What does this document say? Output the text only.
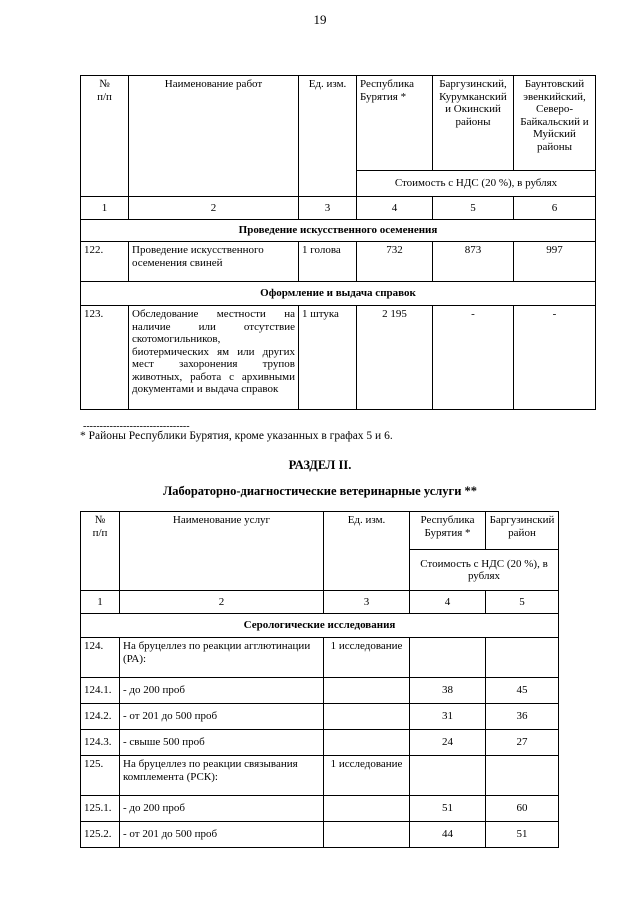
19
№
п/п	Наименование работ	Ед. изм.	Республика Бурятия *	Баргузинский, Курумканский и Окинский районы	Баунтовский эвенкийский, Северо-Байкальский и Муйский районы
			Стоимость с НДС (20 %), в рублях		
1	2	3	4	5	6
Проведение искусственного осеменения					
122.	Проведение искусственного осеменения свиней	1 голова	732	873	997
Оформление и выдача справок					
123.	Обследование местности на наличие или отсутствие скотомогильников, биотермических ям или других мест захоронения трупов животных, работа с архивными документами и выдача справок	1 штука	2 195	-	-
--------------------------------
* Районы Республики Бурятия, кроме указанных в графах 5 и 6.
РАЗДЕЛ II.
Лабораторно-диагностические ветеринарные услуги **
№
п/п	Наименование услуг	Ед. изм.	Республика Бурятия *	Баргузинский район
			Стоимость с НДС (20 %), в рублях	
1	2	3	4	5
Серологические исследования				
124.	На бруцеллез по реакции агглютинации (РА):	1 исследование		
124.1.	- до 200 проб		38	45
124.2.	- от 201 до 500 проб		31	36
124.3.	- свыше 500 проб		24	27
125.	На бруцеллез по реакции связывания комплемента (РСК):	1 исследование		
125.1.	- до 200 проб		51	60
125.2.	- от 201 до 500 проб		44	51
